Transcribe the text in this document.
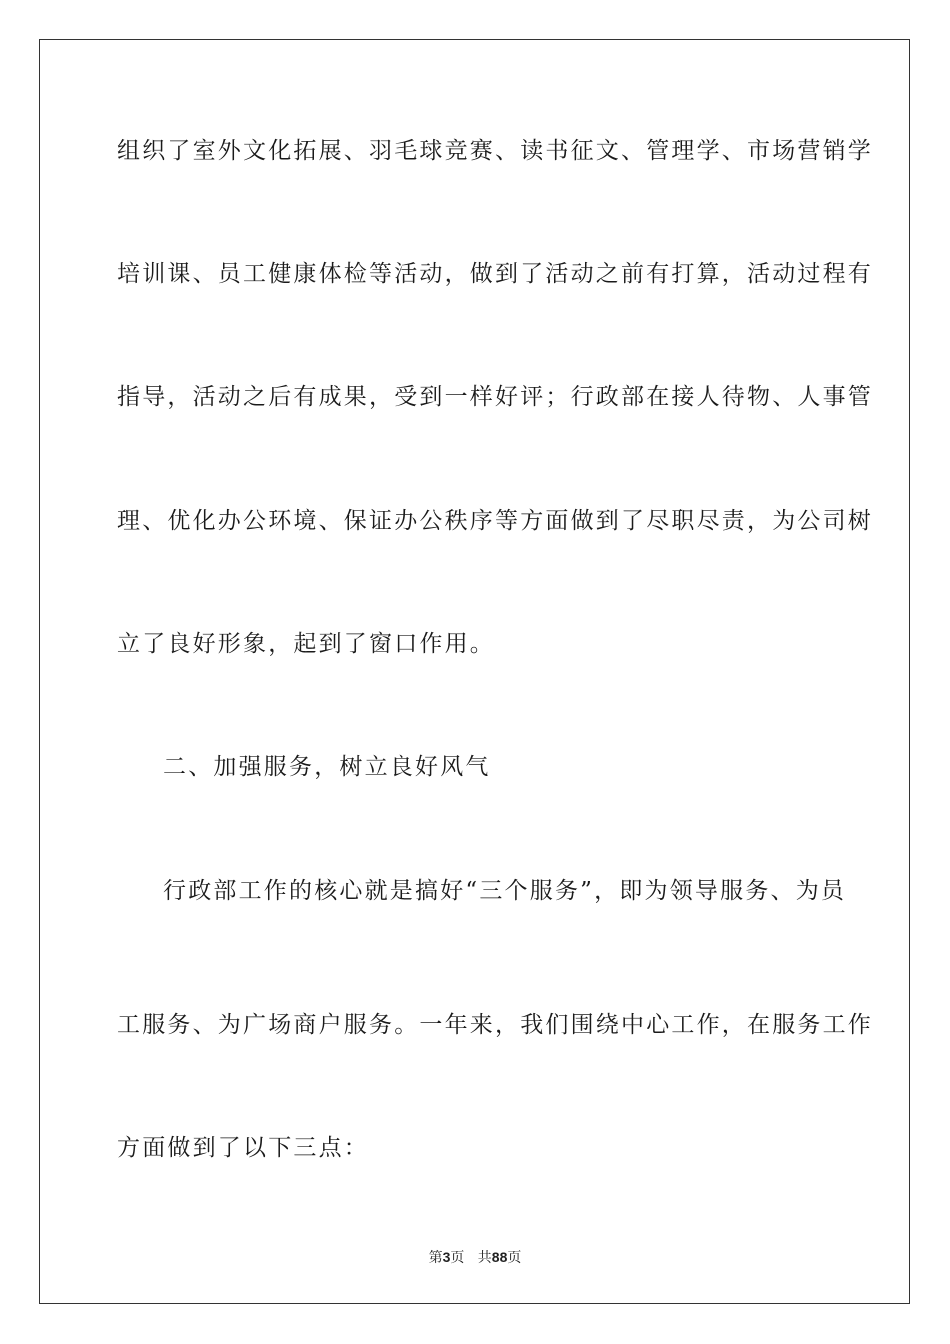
组织了室外文化拓展、羽毛球竞赛、读书征文、管理学、市场营销学
培训课、员工健康体检等活动，做到了活动之前有打算，活动过程有
指导，活动之后有成果，受到一样好评；行政部在接人待物、人事管
理、优化办公环境、保证办公秩序等方面做到了尽职尽责，为公司树
立了良好形象，起到了窗口作用。
二、加强服务，树立良好风气
行政部工作的核心就是搞好“三个服务”，即为领导服务、为员
工服务、为广场商户服务。一年来，我们围绕中心工作，在服务工作
方面做到了以下三点：
第3页 共88页
